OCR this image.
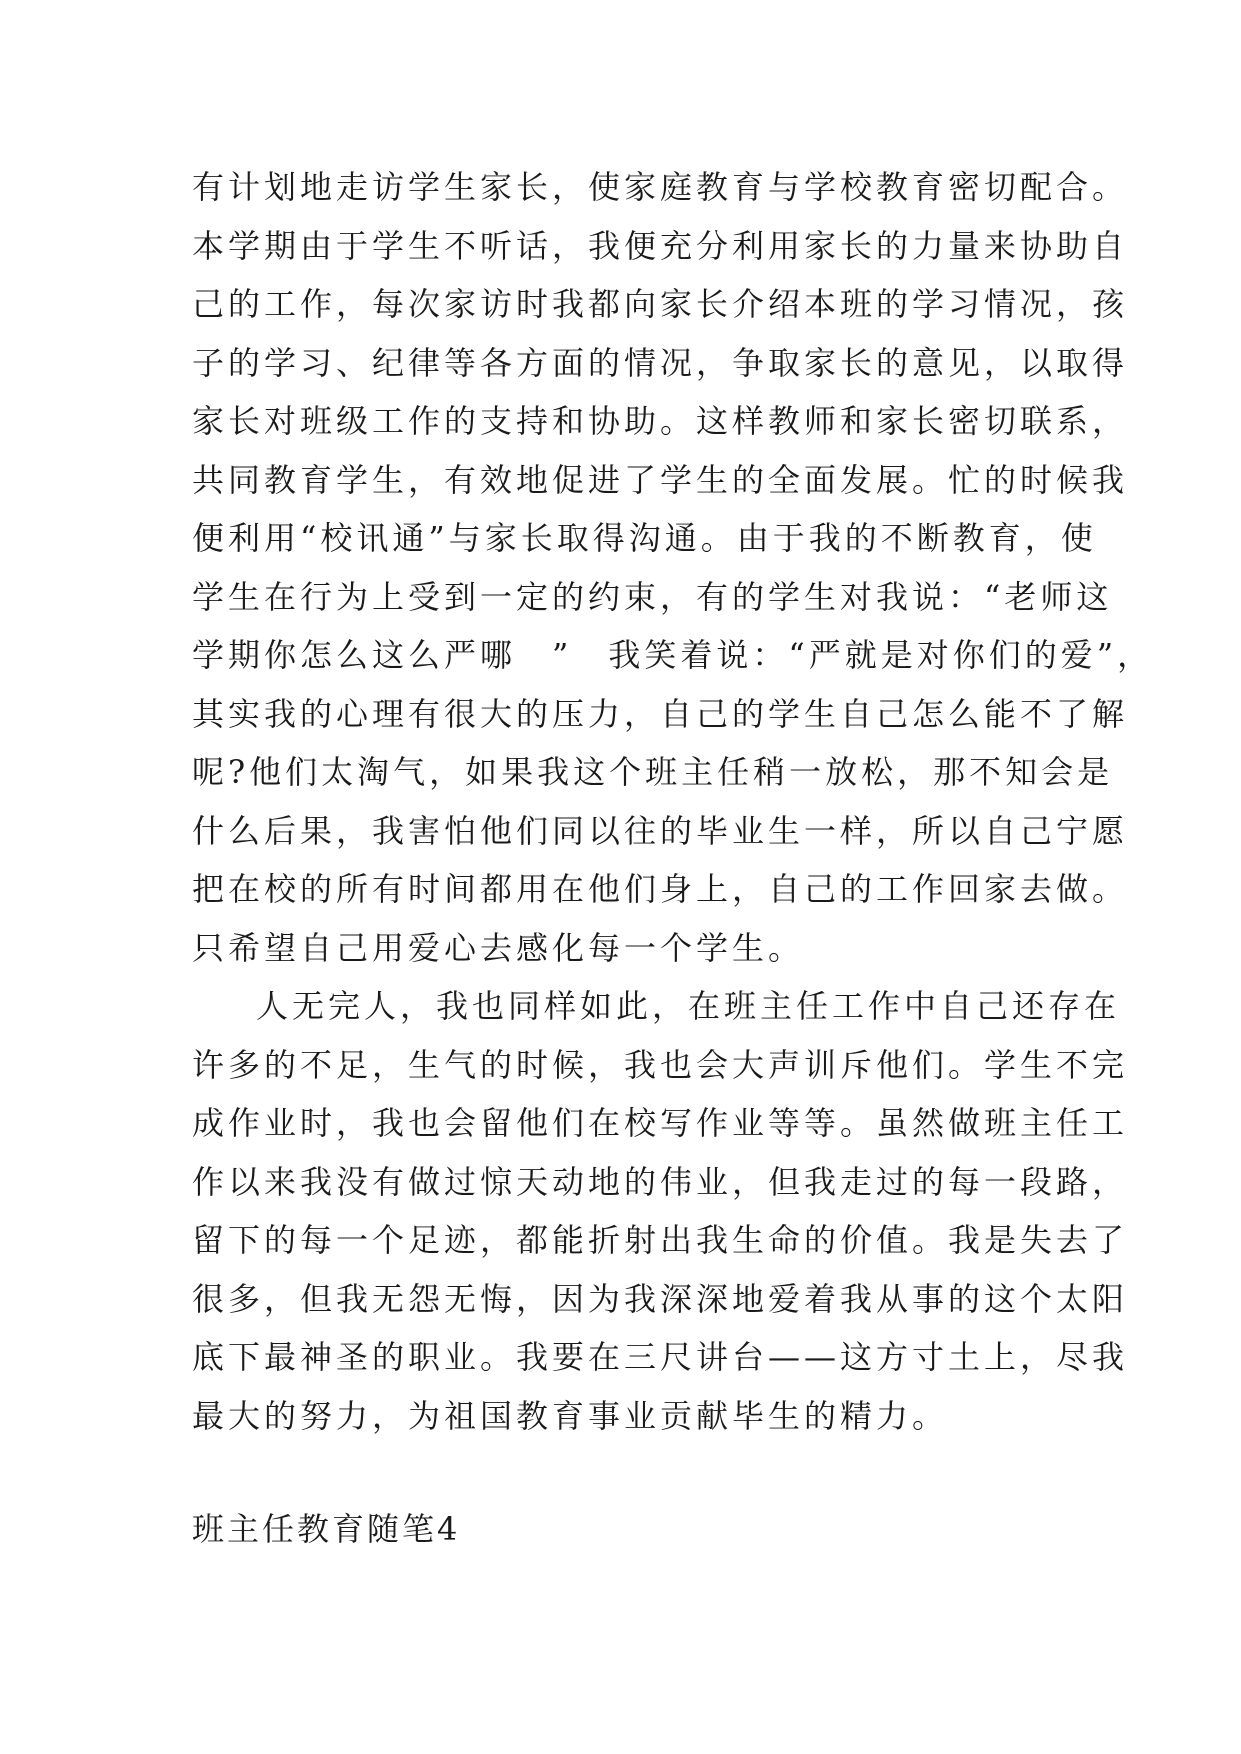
有计划地走访学生家长，使家庭教育与学校教育密切配合。
本学期由于学生不听话，我便充分利用家长的力量来协助自
己的工作，每次家访时我都向家长介绍本班的学习情况，孩
子的学习、纪律等各方面的情况，争取家长的意见，以取得
家长对班级工作的支持和协助。这样教师和家长密切联系，
共同教育学生，有效地促进了学生的全面发展。忙的时候我
便利用“校讯通”与家长取得沟通。由于我的不断教育，使
学生在行为上受到一定的约束，有的学生对我说：“老师这
学期你怎么这么严哪　”　我笑着说：“严就是对你们的爱”，
其实我的心理有很大的压力，自己的学生自己怎么能不了解
呢?他们太淘气，如果我这个班主任稍一放松，那不知会是
什么后果，我害怕他们同以往的毕业生一样，所以自己宁愿
把在校的所有时间都用在他们身上，自己的工作回家去做。
只希望自己用爱心去感化每一个学生。
人无完人，我也同样如此，在班主任工作中自己还存在
许多的不足，生气的时候，我也会大声训斥他们。学生不完
成作业时，我也会留他们在校写作业等等。虽然做班主任工
作以来我没有做过惊天动地的伟业，但我走过的每一段路，
留下的每一个足迹，都能折射出我生命的价值。我是失去了
很多，但我无怨无悔，因为我深深地爱着我从事的这个太阳
底下最神圣的职业。我要在三尺讲台——这方寸土上，尽我
最大的努力，为祖国教育事业贡献毕生的精力。
班主任教育随笔4
